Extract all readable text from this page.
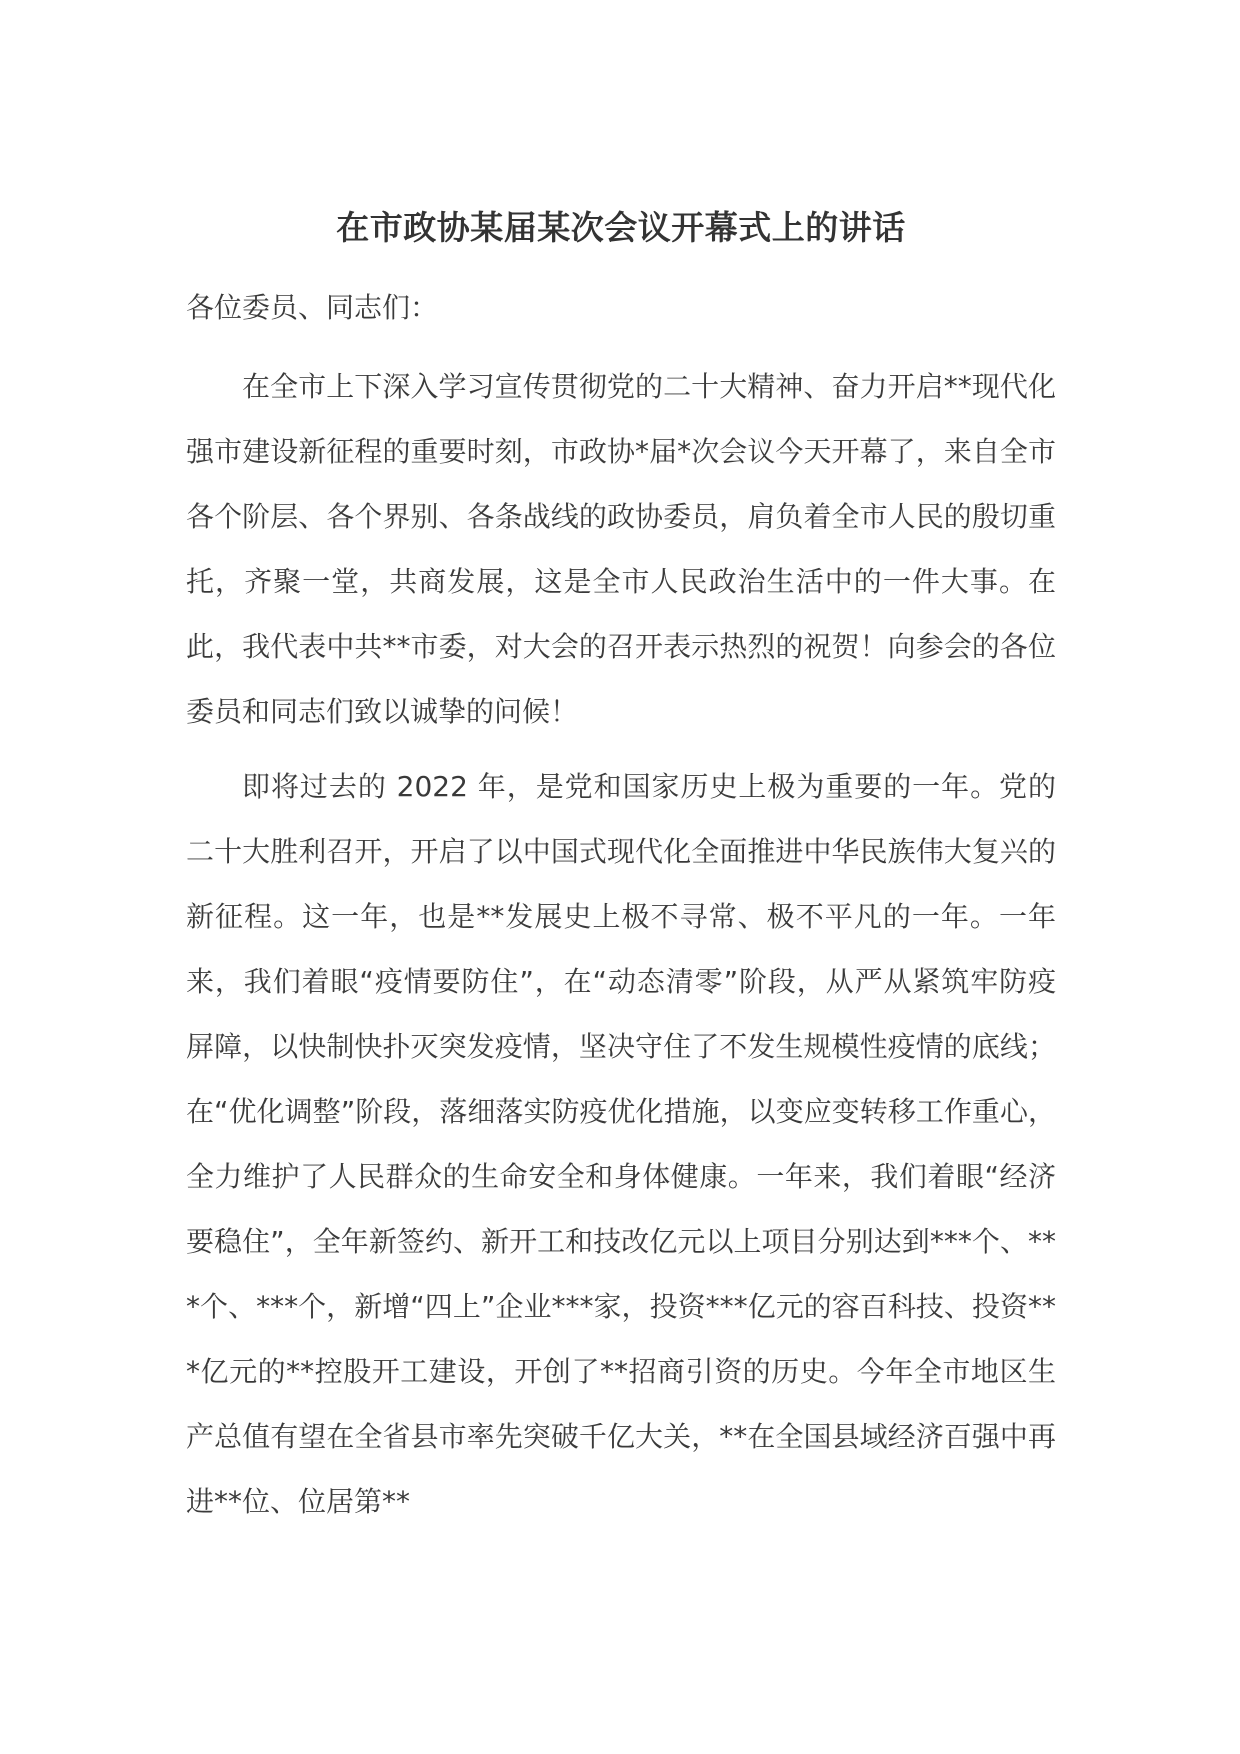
在市政协某届某次会议开幕式上的讲话

各位委员、同志们：

在全市上下深入学习宣传贯彻党的二十大精神、奋力开启**现代化强市建设新征程的重要时刻，市政协*届*次会议今天开幕了，来自全市各个阶层、各个界别、各条战线的政协委员，肩负着全市人民的殷切重托，齐聚一堂，共商发展，这是全市人民政治生活中的一件大事。在此，我代表中共**市委，对大会的召开表示热烈的祝贺！向参会的各位委员和同志们致以诚挚的问候！

即将过去的 2022 年，是党和国家历史上极为重要的一年。党的二十大胜利召开，开启了以中国式现代化全面推进中华民族伟大复兴的新征程。这一年，也是**发展史上极不寻常、极不平凡的一年。一年来，我们着眼“疫情要防住”，在“动态清零”阶段，从严从紧筑牢防疫屏障，以快制快扑灭突发疫情，坚决守住了不发生规模性疫情的底线；在“优化调整”阶段，落细落实防疫优化措施，以变应变转移工作重心，全力维护了人民群众的生命安全和身体健康。一年来，我们着眼“经济要稳住”，全年新签约、新开工和技改亿元以上项目分别达到***个、***个、***个，新增“四上”企业***家，投资***亿元的容百科技、投资***亿元的**控股开工建设，开创了**招商引资的历史。今年全市地区生产总值有望在全省县市率先突破千亿大关，**在全国县域经济百强中再进**位、位居第**
